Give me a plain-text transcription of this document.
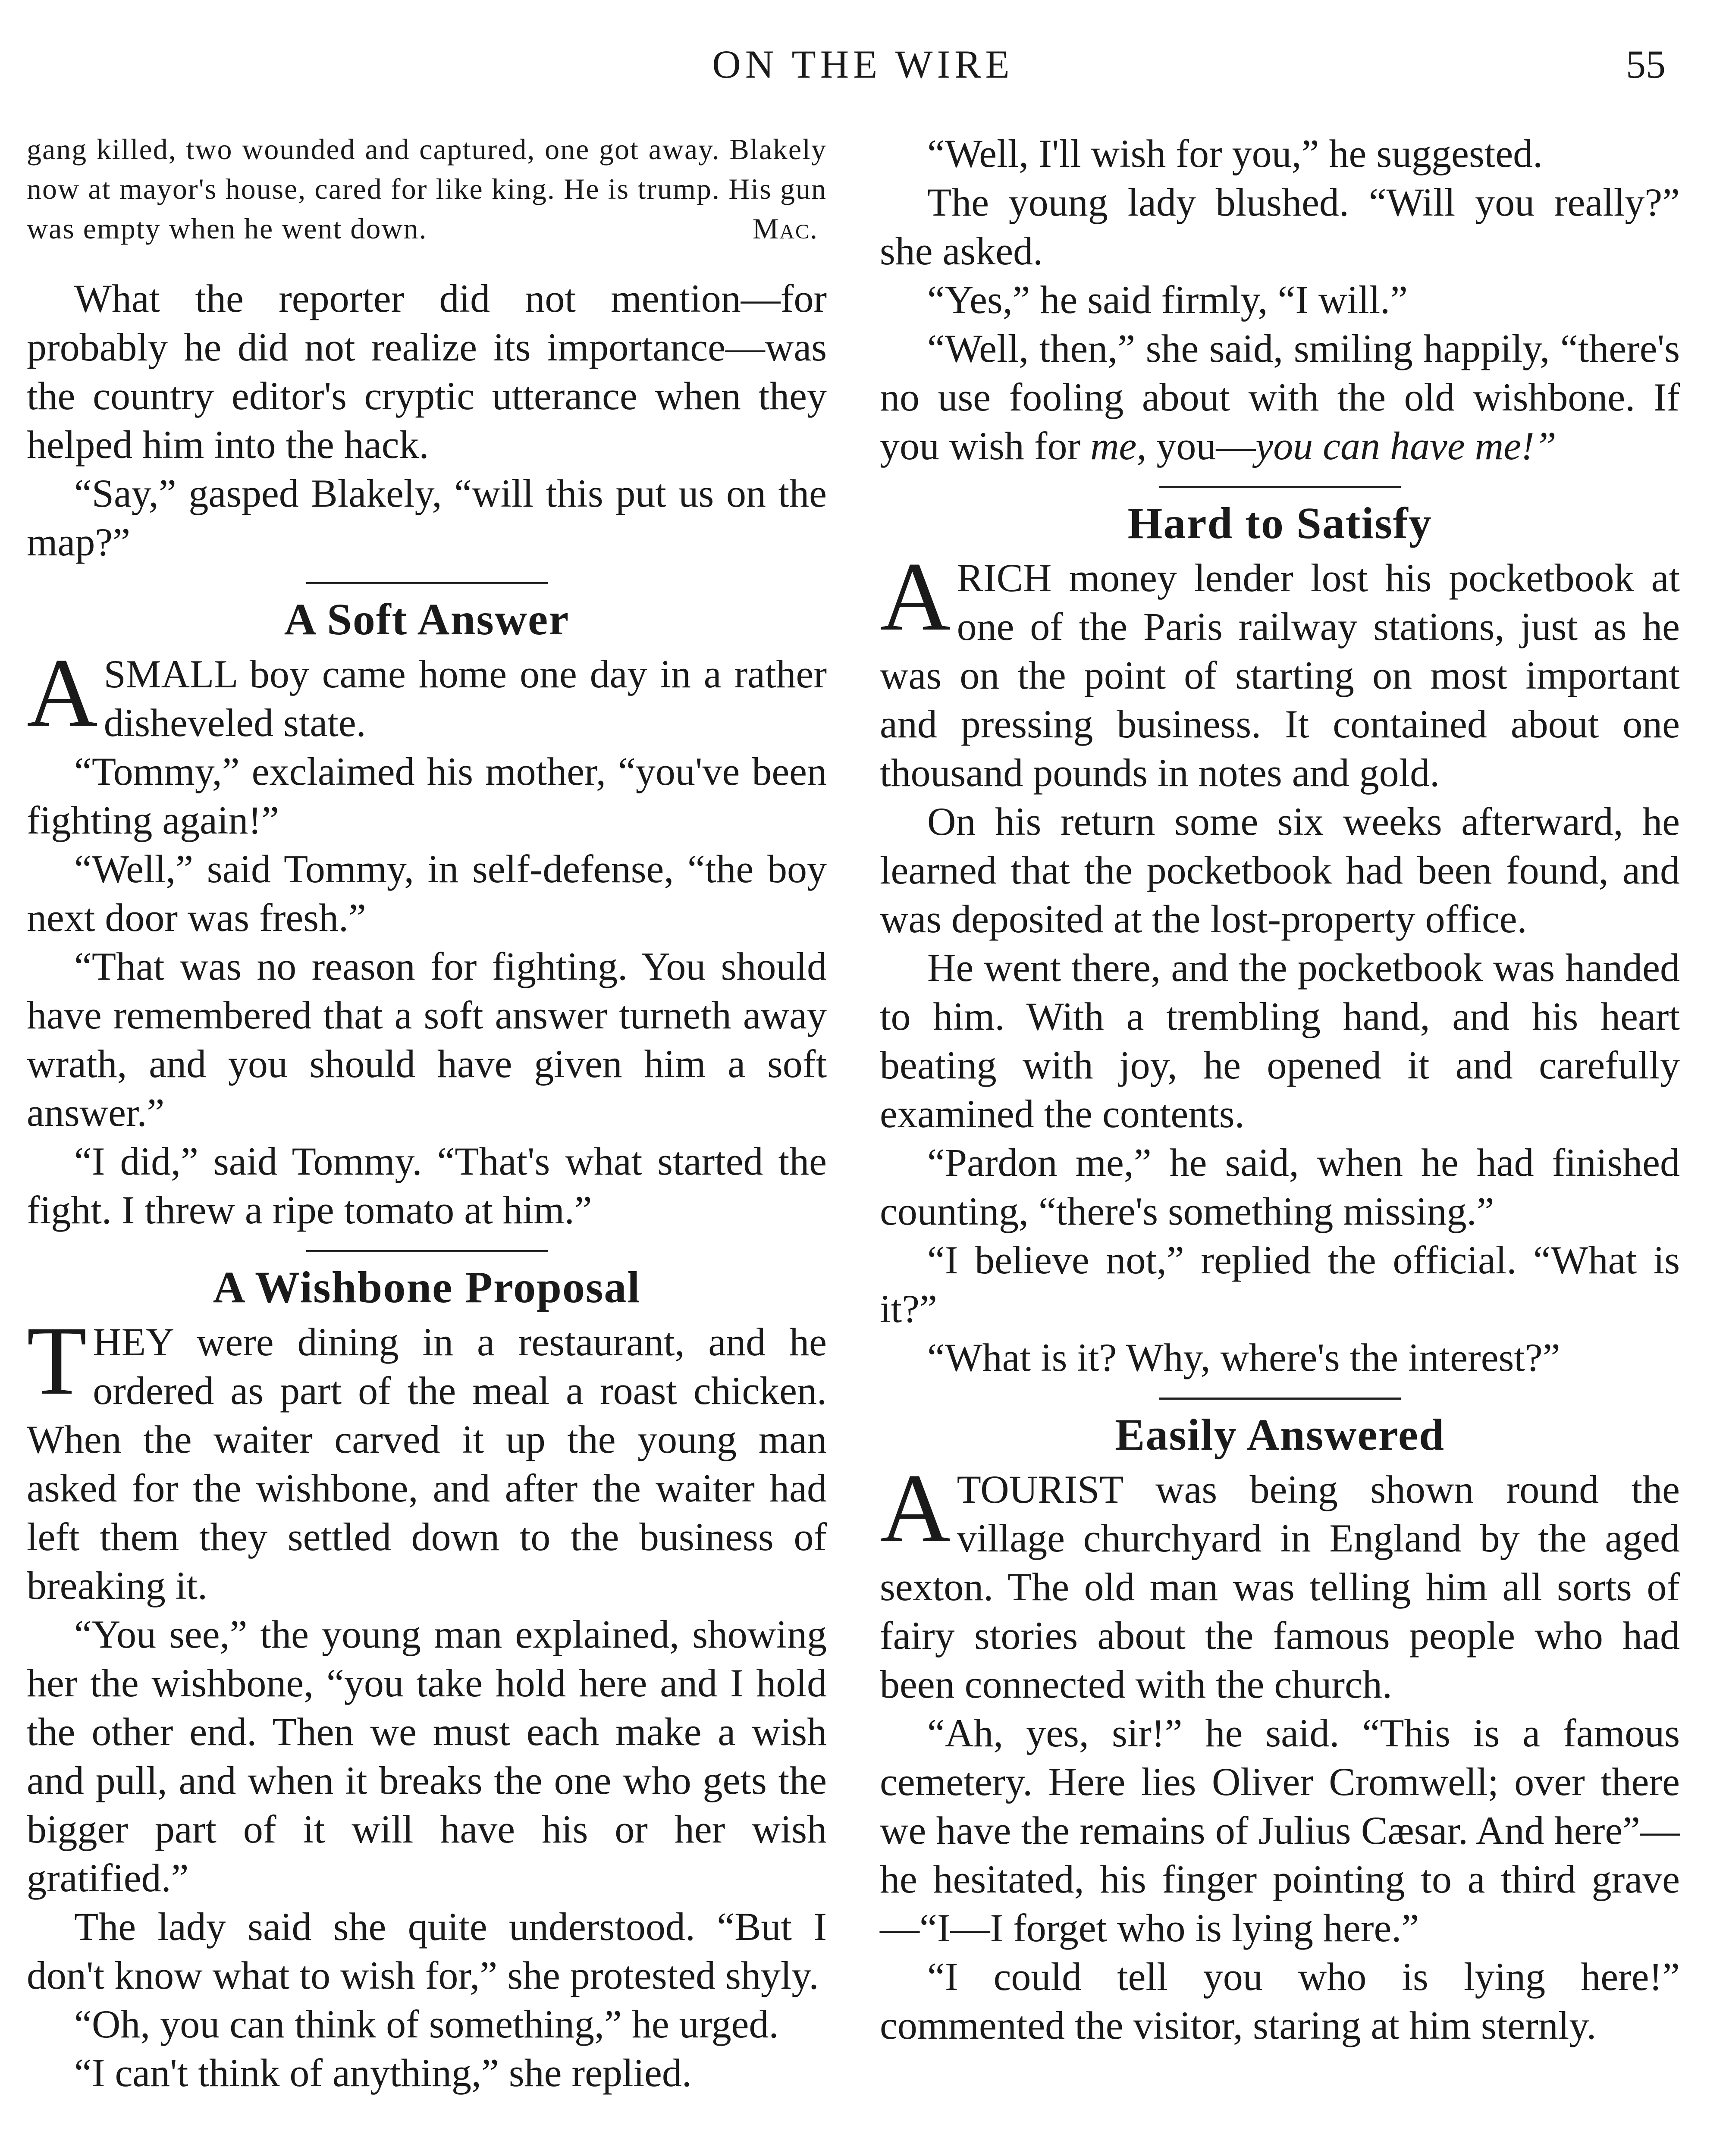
ON THE WIRE	55

gang killed, two wounded and captured, one got away. Blakely now at mayor's house, cared for like king. He is trump. His gun was empty when he went down.	Mac.

What the reporter did not mention—for probably he did not realize its importance—was the country editor's cryptic utterance when they helped him into the hack.

“Say,” gasped Blakely, “will this put us on the map?”

A Soft Answer

ASMALL boy came home one day in a rather disheveled state.

“Tommy,” exclaimed his mother, “you've been fighting again!”

“Well,” said Tommy, in self-defense, “the boy next door was fresh.”

“That was no reason for fighting. You should have remembered that a soft answer turneth away wrath, and you should have given him a soft answer.”

“I did,” said Tommy. “That's what started the fight. I threw a ripe tomato at him.”

A Wishbone Proposal

THEY were dining in a restaurant, and he ordered as part of the meal a roast chicken. When the waiter carved it up the young man asked for the wishbone, and after the waiter had left them they settled down to the business of breaking it.

“You see,” the young man explained, showing her the wishbone, “you take hold here and I hold the other end. Then we must each make a wish and pull, and when it breaks the one who gets the bigger part of it will have his or her wish gratified.”

The lady said she quite understood. “But I don't know what to wish for,” she protested shyly.

“Oh, you can think of something,” he urged.

“I can't think of anything,” she replied.

“Well, I'll wish for you,” he suggested.

The young lady blushed. “Will you really?” she asked.

“Yes,” he said firmly, “I will.”

“Well, then,” she said, smiling happily, “there's no use fooling about with the old wishbone. If you wish for me, you—you can have me!”

Hard to Satisfy

ARICH money lender lost his pocketbook at one of the Paris railway stations, just as he was on the point of starting on most important and pressing business. It contained about one thousand pounds in notes and gold.

On his return some six weeks afterward, he learned that the pocketbook had been found, and was deposited at the lost-property office.

He went there, and the pocketbook was handed to him. With a trembling hand, and his heart beating with joy, he opened it and carefully examined the contents.

“Pardon me,” he said, when he had finished counting, “there's something missing.”

“I believe not,” replied the official. “What is it?”

“What is it? Why, where's the interest?”

Easily Answered

ATOURIST was being shown round the village churchyard in England by the aged sexton. The old man was telling him all sorts of fairy stories about the famous people who had been connected with the church.

“Ah, yes, sir!” he said. “This is a famous cemetery. Here lies Oliver Cromwell; over there we have the remains of Julius Cæsar. And here”—he hesitated, his finger pointing to a third grave—“I—I forget who is lying here.”

“I could tell you who is lying here!” commented the visitor, staring at him sternly.
